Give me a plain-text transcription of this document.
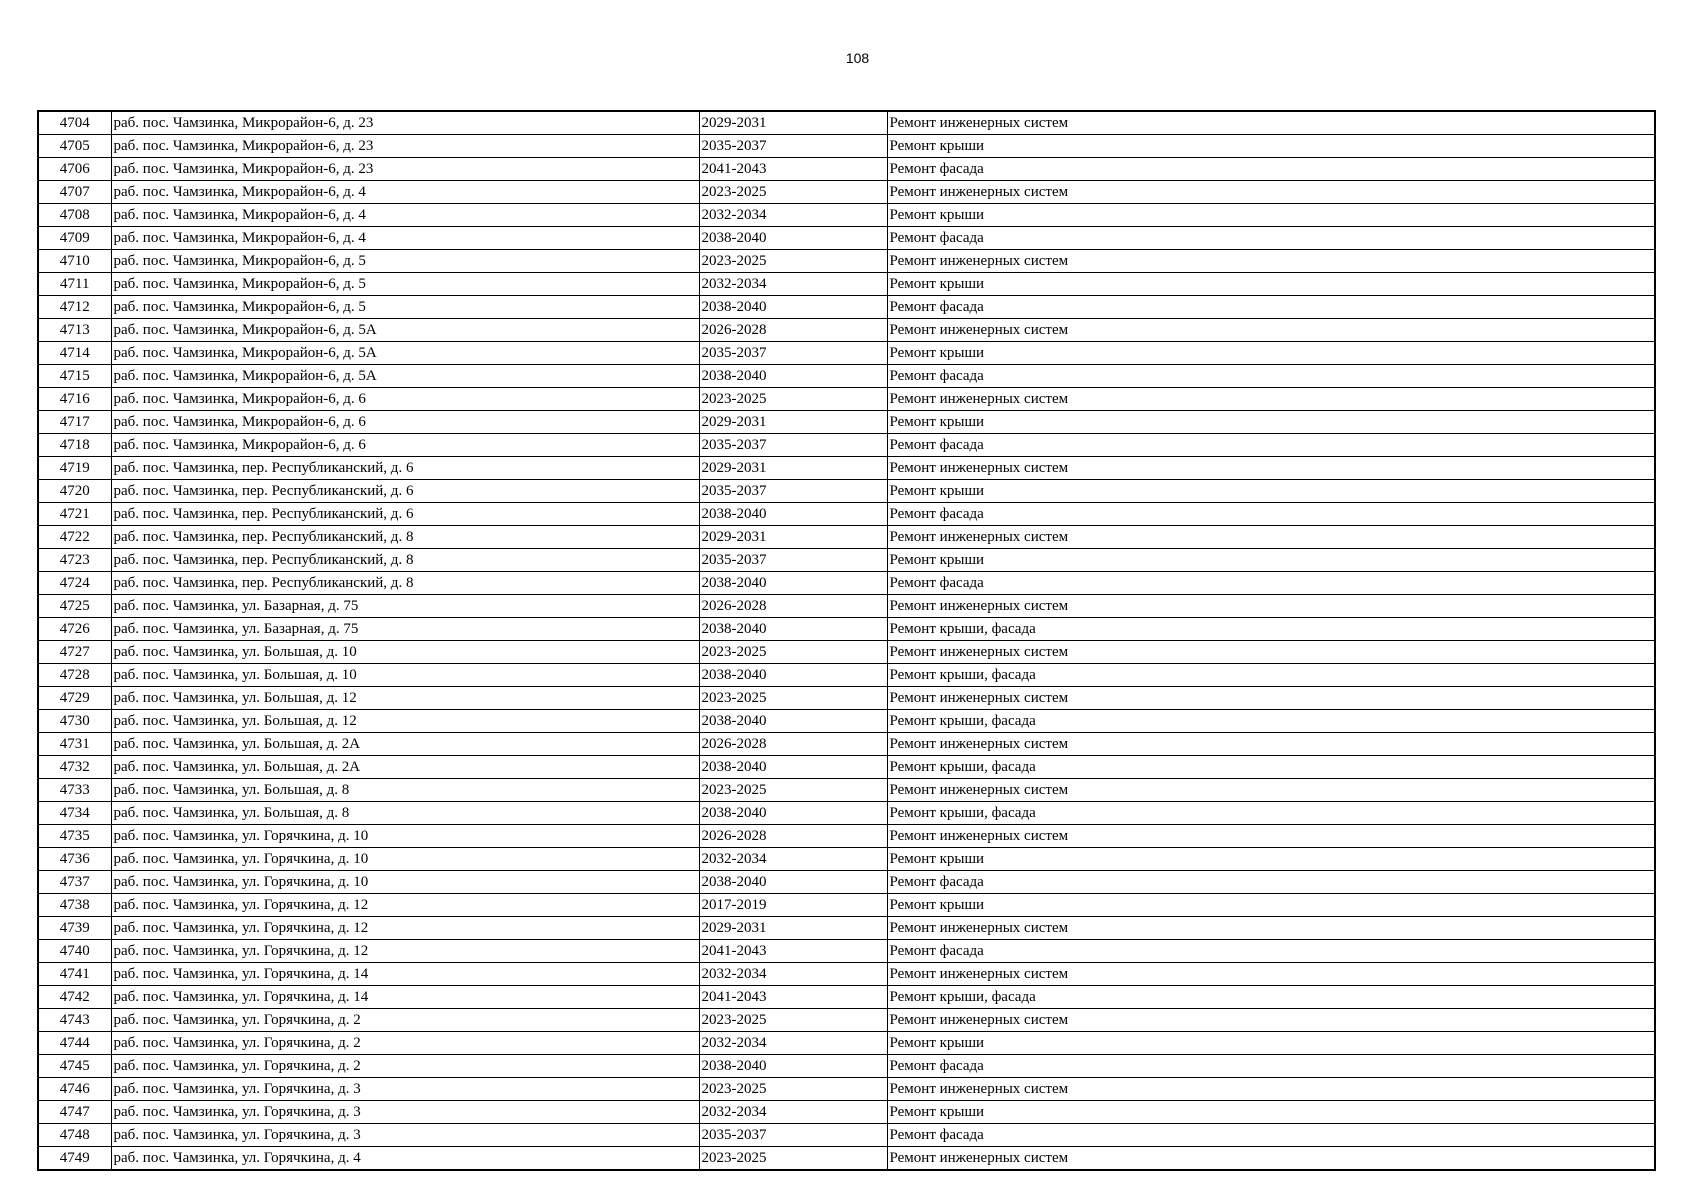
108
4704	раб. пос. Чамзинка, Микрорайон-6, д. 23	2029-2031	Ремонт инженерных систем
4705	раб. пос. Чамзинка, Микрорайон-6, д. 23	2035-2037	Ремонт крыши
4706	раб. пос. Чамзинка, Микрорайон-6, д. 23	2041-2043	Ремонт фасада
4707	раб. пос. Чамзинка, Микрорайон-6, д. 4	2023-2025	Ремонт инженерных систем
4708	раб. пос. Чамзинка, Микрорайон-6, д. 4	2032-2034	Ремонт крыши
4709	раб. пос. Чамзинка, Микрорайон-6, д. 4	2038-2040	Ремонт фасада
4710	раб. пос. Чамзинка, Микрорайон-6, д. 5	2023-2025	Ремонт инженерных систем
4711	раб. пос. Чамзинка, Микрорайон-6, д. 5	2032-2034	Ремонт крыши
4712	раб. пос. Чамзинка, Микрорайон-6, д. 5	2038-2040	Ремонт фасада
4713	раб. пос. Чамзинка, Микрорайон-6, д. 5А	2026-2028	Ремонт инженерных систем
4714	раб. пос. Чамзинка, Микрорайон-6, д. 5А	2035-2037	Ремонт крыши
4715	раб. пос. Чамзинка, Микрорайон-6, д. 5А	2038-2040	Ремонт фасада
4716	раб. пос. Чамзинка, Микрорайон-6, д. 6	2023-2025	Ремонт инженерных систем
4717	раб. пос. Чамзинка, Микрорайон-6, д. 6	2029-2031	Ремонт крыши
4718	раб. пос. Чамзинка, Микрорайон-6, д. 6	2035-2037	Ремонт фасада
4719	раб. пос. Чамзинка, пер. Республиканский, д. 6	2029-2031	Ремонт инженерных систем
4720	раб. пос. Чамзинка, пер. Республиканский, д. 6	2035-2037	Ремонт крыши
4721	раб. пос. Чамзинка, пер. Республиканский, д. 6	2038-2040	Ремонт фасада
4722	раб. пос. Чамзинка, пер. Республиканский, д. 8	2029-2031	Ремонт инженерных систем
4723	раб. пос. Чамзинка, пер. Республиканский, д. 8	2035-2037	Ремонт крыши
4724	раб. пос. Чамзинка, пер. Республиканский, д. 8	2038-2040	Ремонт фасада
4725	раб. пос. Чамзинка, ул. Базарная, д. 75	2026-2028	Ремонт инженерных систем
4726	раб. пос. Чамзинка, ул. Базарная, д. 75	2038-2040	Ремонт крыши, фасада
4727	раб. пос. Чамзинка, ул. Большая, д. 10	2023-2025	Ремонт инженерных систем
4728	раб. пос. Чамзинка, ул. Большая, д. 10	2038-2040	Ремонт крыши, фасада
4729	раб. пос. Чамзинка, ул. Большая, д. 12	2023-2025	Ремонт инженерных систем
4730	раб. пос. Чамзинка, ул. Большая, д. 12	2038-2040	Ремонт крыши, фасада
4731	раб. пос. Чамзинка, ул. Большая, д. 2А	2026-2028	Ремонт инженерных систем
4732	раб. пос. Чамзинка, ул. Большая, д. 2А	2038-2040	Ремонт крыши, фасада
4733	раб. пос. Чамзинка, ул. Большая, д. 8	2023-2025	Ремонт инженерных систем
4734	раб. пос. Чамзинка, ул. Большая, д. 8	2038-2040	Ремонт крыши, фасада
4735	раб. пос. Чамзинка, ул. Горячкина, д. 10	2026-2028	Ремонт инженерных систем
4736	раб. пос. Чамзинка, ул. Горячкина, д. 10	2032-2034	Ремонт крыши
4737	раб. пос. Чамзинка, ул. Горячкина, д. 10	2038-2040	Ремонт фасада
4738	раб. пос. Чамзинка, ул. Горячкина, д. 12	2017-2019	Ремонт крыши
4739	раб. пос. Чамзинка, ул. Горячкина, д. 12	2029-2031	Ремонт инженерных систем
4740	раб. пос. Чамзинка, ул. Горячкина, д. 12	2041-2043	Ремонт фасада
4741	раб. пос. Чамзинка, ул. Горячкина, д. 14	2032-2034	Ремонт инженерных систем
4742	раб. пос. Чамзинка, ул. Горячкина, д. 14	2041-2043	Ремонт крыши, фасада
4743	раб. пос. Чамзинка, ул. Горячкина, д. 2	2023-2025	Ремонт инженерных систем
4744	раб. пос. Чамзинка, ул. Горячкина, д. 2	2032-2034	Ремонт крыши
4745	раб. пос. Чамзинка, ул. Горячкина, д. 2	2038-2040	Ремонт фасада
4746	раб. пос. Чамзинка, ул. Горячкина, д. 3	2023-2025	Ремонт инженерных систем
4747	раб. пос. Чамзинка, ул. Горячкина, д. 3	2032-2034	Ремонт крыши
4748	раб. пос. Чамзинка, ул. Горячкина, д. 3	2035-2037	Ремонт фасада
4749	раб. пос. Чамзинка, ул. Горячкина, д. 4	2023-2025	Ремонт инженерных систем
